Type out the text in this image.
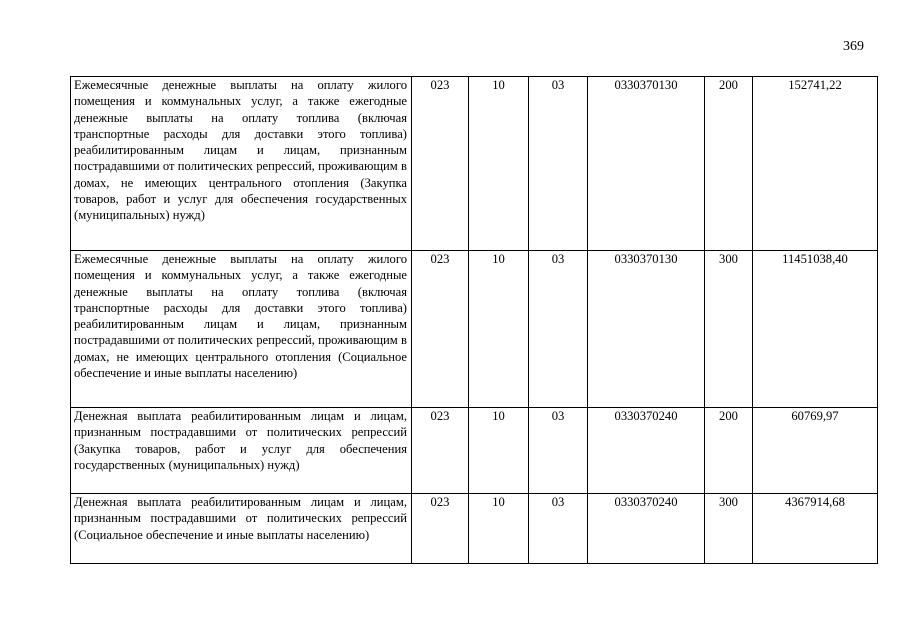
369
Ежемесячные денежные выплаты на оплату жилого помещения и коммунальных услуг, а также ежегодные денежные выплаты на оплату топлива (включая транспортные расходы для доставки этого топлива) реабилитированным лицам и лицам, признанным пострадавшими от политических репрессий, проживающим в домах, не имеющих центрального отопления (Закупка товаров, работ и услуг для обеспечения государственных (муниципальных) нужд)	023	10	03	0330370130	200	152741,22
Ежемесячные денежные выплаты на оплату жилого помещения и коммунальных услуг, а также ежегодные денежные выплаты на оплату топлива (включая транспортные расходы для доставки этого топлива) реабилитированным лицам и лицам, признанным пострадавшими от политических репрессий, проживающим в домах, не имеющих центрального отопления (Социальное обеспечение и иные выплаты населению)	023	10	03	0330370130	300	11451038,40
Денежная выплата реабилитированным лицам и лицам, признанным пострадавшими от политических репрессий (Закупка товаров, работ и услуг для обеспечения государственных (муниципальных) нужд)	023	10	03	0330370240	200	60769,97
Денежная выплата реабилитированным лицам и лицам, признанным пострадавшими от политических репрессий (Социальное обеспечение и иные выплаты населению)	023	10	03	0330370240	300	4367914,68
